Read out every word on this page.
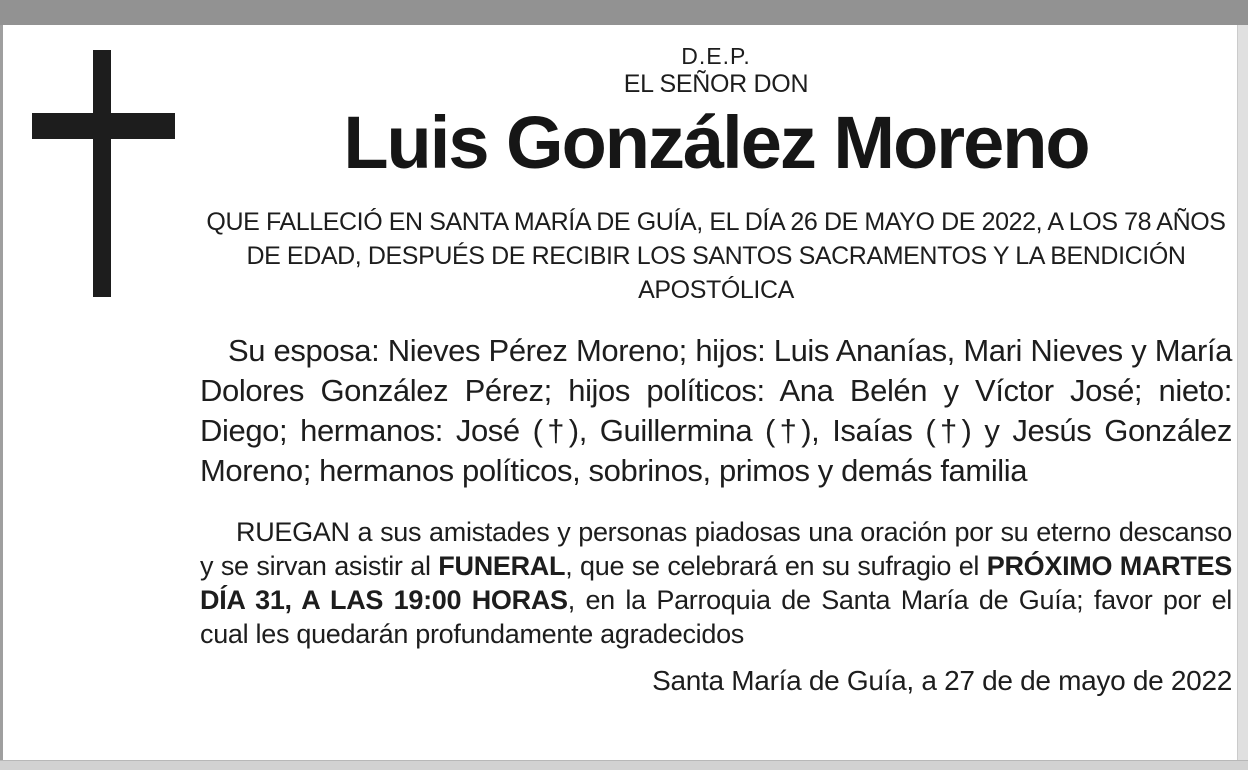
D.E.P.
EL SEÑOR DON
Luis González Moreno

QUE FALLECIÓ EN SANTA MARÍA DE GUÍA, EL DÍA 26 DE MAYO DE 2022, A LOS 78 AÑOS DE EDAD, DESPUÉS DE RECIBIR LOS SANTOS SACRAMENTOS Y LA BENDICIÓN APOSTÓLICA

Su esposa: Nieves Pérez Moreno; hijos: Luis Ananías, Mari Nieves y María Dolores González Pérez; hijos políticos: Ana Belén y Víctor José; nieto: Diego; hermanos: José (†), Guillermina (†), Isaías (†) y Jesús González Moreno; hermanos políticos, sobrinos, primos y demás familia

RUEGAN a sus amistades y personas piadosas una oración por su eterno descanso y se sirvan asistir al FUNERAL, que se celebrará en su sufragio el PRÓXIMO MARTES DÍA 31, A LAS 19:00 HORAS, en la Parroquia de Santa María de Guía; favor por el cual les quedarán profundamente agradecidos

Santa María de Guía, a 27 de de mayo de 2022
